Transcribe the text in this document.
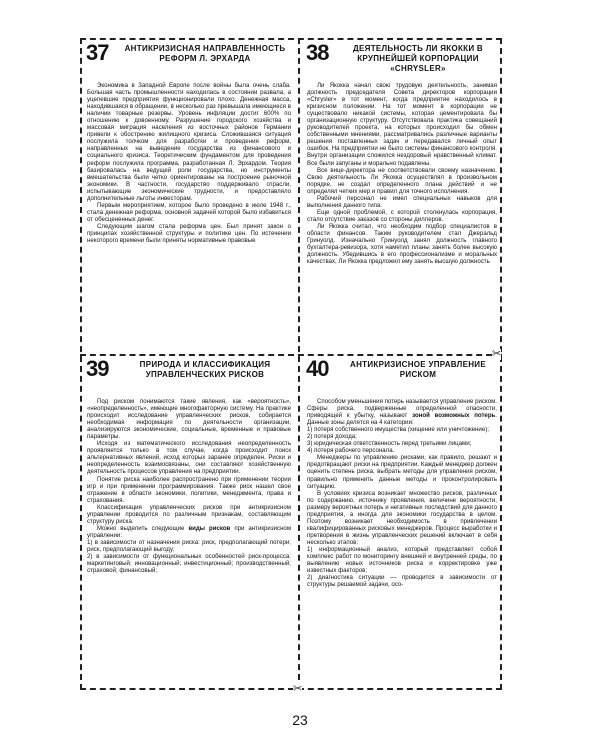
✂
✂
37	АНТИКРИЗИСНАЯ НАПРАВЛЕННОСТЬ РЕФОРМ Л. ЭРХАРДА

Экономика в Западной Европе после войны была очень слаба. Большая часть промышленности находилась в состоянии развала, а уцелевшие предприятия функционировали плохо. Денежная масса, находившаяся в обращении, в несколько раз превышала имеющиеся в наличии товарные резервы. Уровень инфляции достиг 600% по отношению к довоенному. Разрушение городского хозяйства и массовая миграция населения из восточных районов Германии привели к обострению жилищного кризиса. Сложившаяся ситуация послужила толчком для разработки и проведения реформ, направленных на выведение государства из финансового и социального кризиса. Теоретическим фундаментом для проведения реформ послужила программа, разработанная Л. Эрхардом. Теория базировалась на ведущей роли государства, но инструменты вмешательства были четко ориентированы на построение рыночной экономики. В частности, государство поддерживало отрасли, испытывающие экономические трудности, и предоставляло дополнительные льготы инвесторам.

Первым мероприятием, которое было проведено в июле 1948 г., стала денежная реформа, основной задачей которой было избавиться от обесцененных денег.

Следующим шагом стала реформа цен. Был принят закон о принципах хозяйственной структуры и политике цен. По истечении некоторого времени были приняты нормативные правовые

38	ДЕЯТЕЛЬНОСТЬ ЛИ ЯКОККИ В КРУПНЕЙШЕЙ КОРПОРАЦИИ «CHRYSLER»

Ли Якокка начал свою трудовую деятельность, занимая должность председателя Совета директоров корпорации «Chrysler» в тот момент, когда предприятие находилось в кризисном положении. На тот момент в корпорации не существовало никакой системы, которая цементировала бы организационную структуру. Отсутствовала практика совещаний руководителей проекта, на которых происходил бы обмен собственными мнениями, рассматривались различные варианты решения поставленных задач и передавался личный опыт ошибок. На предприятии не было системы финансового контроля. Внутри организации сложился нездоровый нравственный климат. Все были запуганы и морально подавлены.

Все вице-директора не соответствовали своему назначению. Свою деятельность Ли Якокка осуществлял в произвольном порядке, не создал определенного плана действий и не определял четких мер и правил для точного исполнения.

Рабочий персонал не имел специальных навыков для выполнения данного типа.

Еще одной проблемой, с которой столкнулась корпорация, стало отсутствие заказов со стороны диллеров.

Ли Якокка считал, что необходим подбор специалистов в области финансов. Таким руководителем стал Джеральд Гринуолд. Изначально Гринуолд занял должность главного бухгалтера-ревизора, хотя наметил планы занять более высокую должность. Убедившись в его профессионализме и моральных качествах, Ли Якокка предложил ему занять высшую должность

39	ПРИРОДА И КЛАССИФИКАЦИЯ УПРАВЛЕНЧЕСКИХ РИСКОВ

Под риском понимаются такие явления, как «вероятность», «неопределенность», имеющие многофакторную систему. На практике происходит исследование управленческих рисков, собирается необходимая информация по деятельности организации, анализируются экономические, социальные, временные и правовые параметры.

Исходя из математического исследования неопределенность проявляется только в том случае, когда происходит поиск альтернативных явлений, исход которых заранее определен. Риски и неопределенность взаимосвязаны, они составляют хозяйственную деятельность процессов управления на предприятии.

Понятие риска наиболее распространено при применении теории игр и при применении программирования. Также риск нашел свое отражение в области экономики, политики, менеджмента, права и страхования.

Классификация управленческих рисков при антикризисном управлении проводится по различным признакам, составляющим структуру риска.

Можно выделить следующие виды рисков при антикризисном управлении:

1) в зависимости от назначения риска: риск, предполагающий потери; риск, предполагающий выгоду;

2) в зависимости от функциональных особенностей риск-процесса: маркетинговый; инновационный; инвестиционный; производственный; страховой; финансовый;

40	АНТИКРИЗИСНОЕ УПРАВЛЕНИЕ РИСКОМ

Способом уменьшения потерь называется управление риском. Сферы риска, подверженные определенной опасности, приводящей к убытку, называют зоной возможных потерь. Данные зоны делятся на 4 категории:

1) потеря собственного имущества (хищение или уничтожение);

2) потеря дохода;

3) юридическая ответственность перед третьими лицами;

4) потеря рабочего персонала.

Менеджеры по управлению рисками, как правило, решают и предотвращают риски на предприятии. Каждый менеджер должен оценить степень риска, выбрать методы для управления риском, правильно применить данные методы и проконтролировать ситуацию.

В условиях кризиса возникает множество рисков, различных по содержанию, источнику проявления, величине вероятности, размеру вероятных потерь и негативных последствий для данного предприятия, а иногда для экономики государства в целом. Поэтому возникает необходимость в привлечении квалифицированных рисковых менеджеров. Процесс выработки и претворения в жизнь управленческих решений включает в себя несколько этапов:

1) информационный анализ, который представляет собой комплекс работ по мониторингу внешней и внутренней среды, по выявлению новых источников риска и корректировке уже известных факторов;

2) диагностика ситуации — проводится в зависимости от структуры решаемой задачи, осо-

23
